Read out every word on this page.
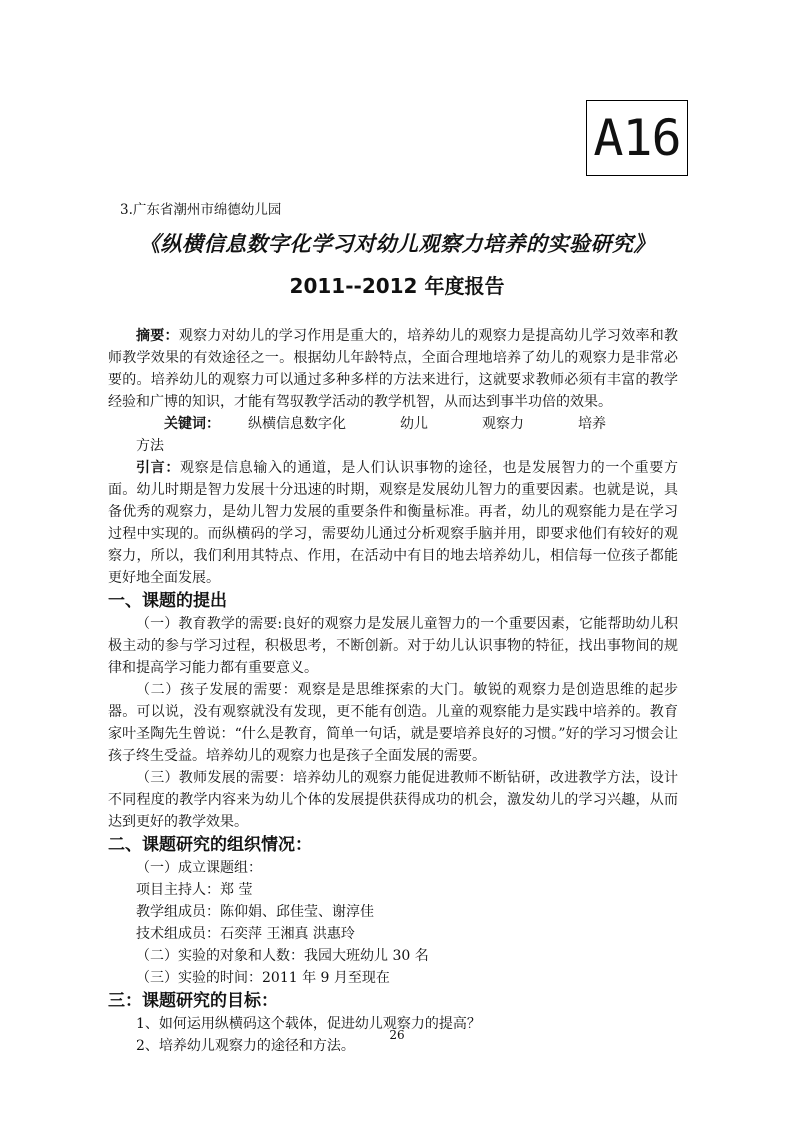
A16
3.广东省潮州市绵德幼儿园
《纵横信息数字化学习对幼儿观察力培养的实验研究》
2011--2012 年度报告

摘要：观察力对幼儿的学习作用是重大的，培养幼儿的观察力是提高幼儿学习效率和教师教学效果的有效途径之一。根据幼儿年龄特点，全面合理地培养了幼儿的观察力是非常必要的。培养幼儿的观察力可以通过多种多样的方法来进行，这就要求教师必须有丰富的教学经验和广博的知识，才能有驾驭教学活动的教学机智，从而达到事半功倍的效果。

关键词： 纵横信息数字化	幼儿	观察力	培养方法

引言：观察是信息输入的通道，是人们认识事物的途径，也是发展智力的一个重要方面。幼儿时期是智力发展十分迅速的时期，观察是发展幼儿智力的重要因素。也就是说，具备优秀的观察力，是幼儿智力发展的重要条件和衡量标准。再者，幼儿的观察能力是在学习过程中实现的。而纵横码的学习，需要幼儿通过分析观察手脑并用，即要求他们有较好的观察力，所以，我们利用其特点、作用，在活动中有目的地去培养幼儿，相信每一位孩子都能更好地全面发展。

一、课题的提出

（一）教育教学的需要:良好的观察力是发展儿童智力的一个重要因素，它能帮助幼儿积极主动的参与学习过程，积极思考，不断创新。对于幼儿认识事物的特征，找出事物间的规律和提高学习能力都有重要意义。

（二）孩子发展的需要：观察是是思维探索的大门。敏锐的观察力是创造思维的起步器。可以说，没有观察就没有发现，更不能有创造。儿童的观察能力是实践中培养的。教育家叶圣陶先生曾说：“什么是教育，简单一句话，就是要培养良好的习惯。”好的学习习惯会让孩子终生受益。培养幼儿的观察力也是孩子全面发展的需要。

（三）教师发展的需要：培养幼儿的观察力能促进教师不断钻研，改进教学方法，设计不同程度的教学内容来为幼儿个体的发展提供获得成功的机会，激发幼儿的学习兴趣，从而达到更好的教学效果。

二、课题研究的组织情况：

（一）成立课题组：

项目主持人：郑 莹

教学组成员：陈仰娟、邱佳莹、谢淳佳

技术组成员：石奕萍 王湘真 洪惠玲

（二）实验的对象和人数：我园大班幼儿 30 名

（三）实验的时间：2011 年 9 月至现在

三：课题研究的目标：

1、如何运用纵横码这个载体，促进幼儿观察力的提高？

2、培养幼儿观察力的途径和方法。

26
